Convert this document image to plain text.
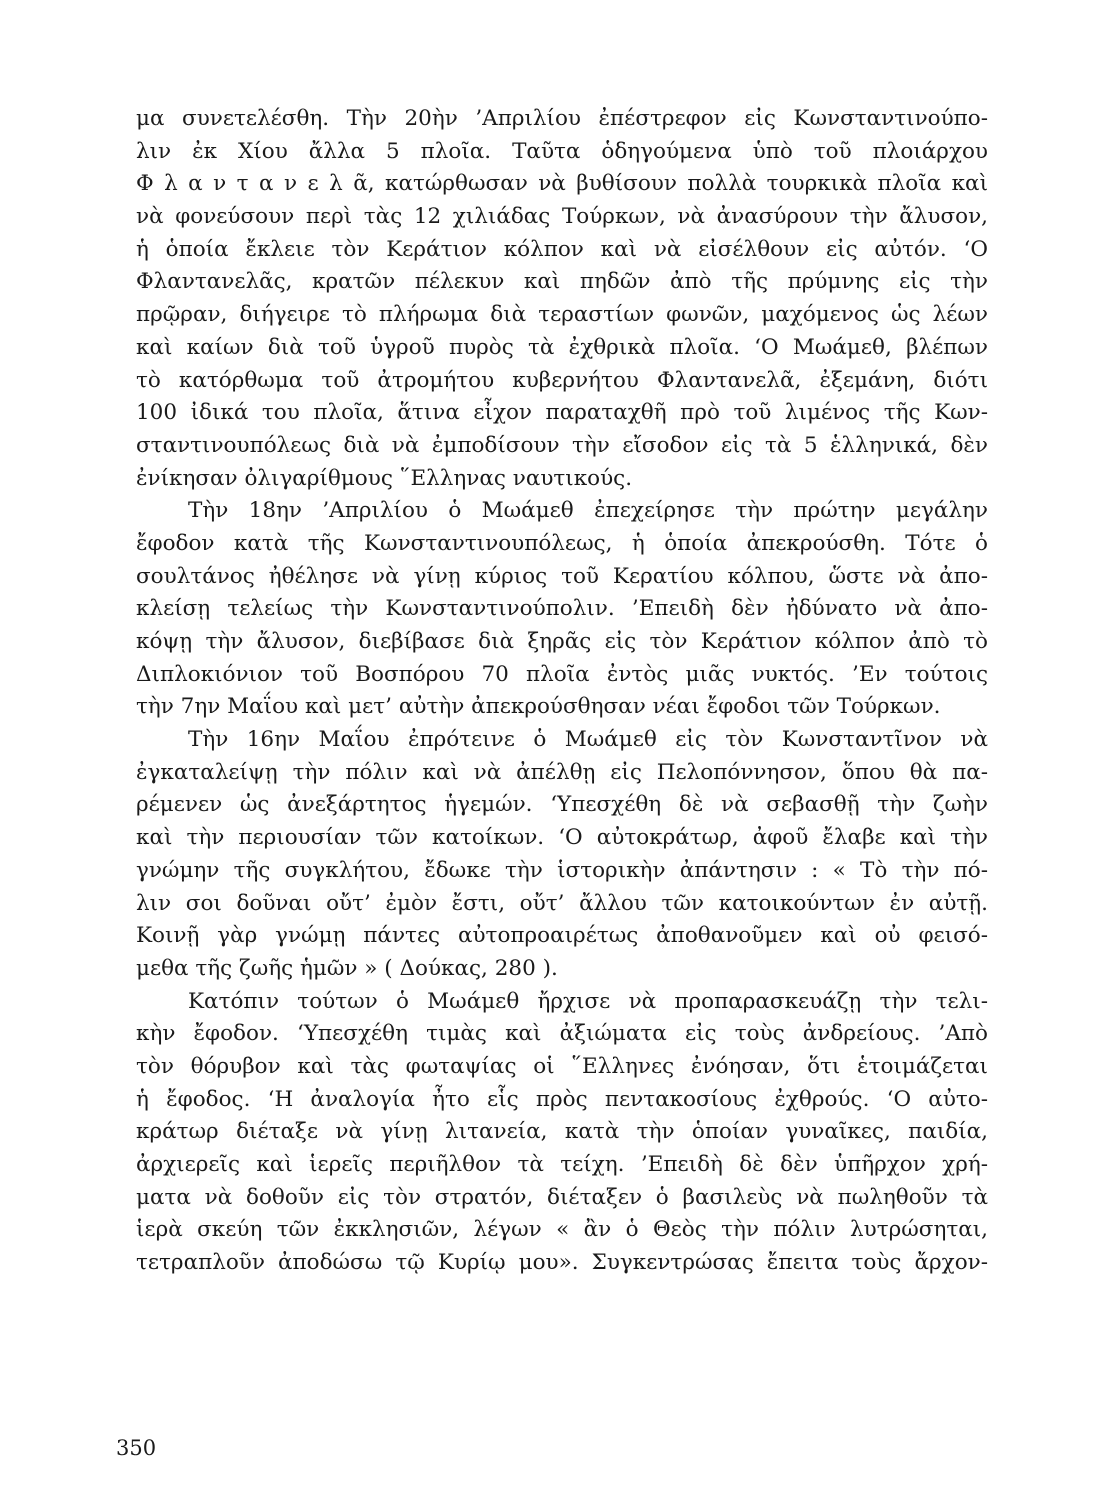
μα συνετελέσθη. Τὴν 20ὴν ’Απριλίου ἐπέστρεφον εἰς Κωνσταντινούπο-
λιν ἐκ Χίου ἄλλα 5 πλοῖα. Ταῦτα ὁδηγούμενα ὑπὸ τοῦ πλοιάρχου
Φ λ α ν τ α ν ε λ ᾶ, κατώρθωσαν νὰ βυθίσουν πολλὰ τουρκικὰ πλοῖα καὶ
νὰ φονεύσουν περὶ τὰς 12 χιλιάδας Τούρκων, νὰ ἀνασύρουν τὴν ἄλυσον,
ἡ ὁποία ἔκλειε τὸν Κεράτιον κόλπον καὶ νὰ εἰσέλθουν εἰς αὐτόν. ‘Ο
Φλαντανελᾶς, κρατῶν πέλεκυν καὶ πηδῶν ἀπὸ τῆς πρύμνης εἰς τὴν
πρῷραν, διήγειρε τὸ πλήρωμα διὰ τεραστίων φωνῶν, μαχόμενος ὡς λέων
καὶ καίων διὰ τοῦ ὑγροῦ πυρὸς τὰ ἐχθρικὰ πλοῖα. ‘Ο Μωάμεθ, βλέπων
τὸ κατόρθωμα τοῦ ἀτρομήτου κυβερνήτου Φλαντανελᾶ, ἐξεμάνη, διότι
100 ἰδικά του πλοῖα, ἅτινα εἶχον παραταχθῆ πρὸ τοῦ λιμένος τῆς Κων-
σταντινουπόλεως διὰ νὰ ἐμποδίσουν τὴν εἴσοδον εἰς τὰ 5 ἑλληνικά, δὲν
ἐνίκησαν ὀλιγαρίθμους ῞Ελληνας ναυτικούς.
Τὴν 18ην ’Απριλίου ὁ Μωάμεθ ἐπεχείρησε τὴν πρώτην μεγάλην
ἔφοδον κατὰ τῆς Κωνσταντινουπόλεως, ἡ ὁποία ἀπεκρούσθη. Τότε ὁ
σουλτάνος ἠθέλησε νὰ γίνῃ κύριος τοῦ Κερατίου κόλπου, ὥστε νὰ ἀπο-
κλείσῃ τελείως τὴν Κωνσταντινούπολιν. ’Επειδὴ δὲν ἠδύνατο νὰ ἀπο-
κόψῃ τὴν ἄλυσον, διεβίβασε διὰ ξηρᾶς εἰς τὸν Κεράτιον κόλπον ἀπὸ τὸ
Διπλοκιόνιον τοῦ Βοσπόρου 70 πλοῖα ἐντὸς μιᾶς νυκτός. ’Εν τούτοις
τὴν 7ην Μαΐου καὶ μετ’ αὐτὴν ἀπεκρούσθησαν νέαι ἔφοδοι τῶν Τούρκων.
Τὴν 16ην Μαΐου ἐπρότεινε ὁ Μωάμεθ εἰς τὸν Κωνσταντῖνον νὰ
ἐγκαταλείψῃ τὴν πόλιν καὶ νὰ ἀπέλθῃ εἰς Πελοπόννησον, ὅπου θὰ πα-
ρέμενεν ὡς ἀνεξάρτητος ἡγεμών. ‘Υπεσχέθη δὲ νὰ σεβασθῇ τὴν ζωὴν
καὶ τὴν περιουσίαν τῶν κατοίκων. ‘Ο αὐτοκράτωρ, ἀφοῦ ἔλαβε καὶ τὴν
γνώμην τῆς συγκλήτου, ἔδωκε τὴν ἱστορικὴν ἀπάντησιν : « Τὸ τὴν πό-
λιν σοι δοῦναι οὔτ’ ἐμὸν ἔστι, οὔτ’ ἄλλου τῶν κατοικούντων ἐν αὐτῇ.
Κοινῇ γὰρ γνώμῃ πάντες αὐτοπροαιρέτως ἀποθανοῦμεν καὶ οὐ φεισό-
μεθα τῆς ζωῆς ἡμῶν » ( Δούκας, 280 ).
Κατόπιν τούτων ὁ Μωάμεθ ἤρχισε νὰ προπαρασκευάζῃ τὴν τελι-
κὴν ἔφοδον. ‘Υπεσχέθη τιμὰς καὶ ἀξιώματα εἰς τοὺς ἀνδρείους. ’Απὸ
τὸν θόρυβον καὶ τὰς φωταψίας οἱ ῞Ελληνες ἐνόησαν, ὅτι ἑτοιμάζεται
ἡ ἔφοδος. ‘Η ἀναλογία ἦτο εἷς πρὸς πεντακοσίους ἐχθρούς. ‘Ο αὐτο-
κράτωρ διέταξε νὰ γίνῃ λιτανεία, κατὰ τὴν ὁποίαν γυναῖκες, παιδία,
ἀρχιερεῖς καὶ ἱερεῖς περιῆλθον τὰ τείχη. ’Επειδὴ δὲ δὲν ὑπῆρχον χρή-
ματα νὰ δοθοῦν εἰς τὸν στρατόν, διέταξεν ὁ βασιλεὺς νὰ πωληθοῦν τὰ
ἱερὰ σκεύη τῶν ἐκκλησιῶν, λέγων « ἂν ὁ Θεὸς τὴν πόλιν λυτρώσηται,
τετραπλοῦν ἀποδώσω τῷ Κυρίῳ μου». Συγκεντρώσας ἔπειτα τοὺς ἄρχον-
350
